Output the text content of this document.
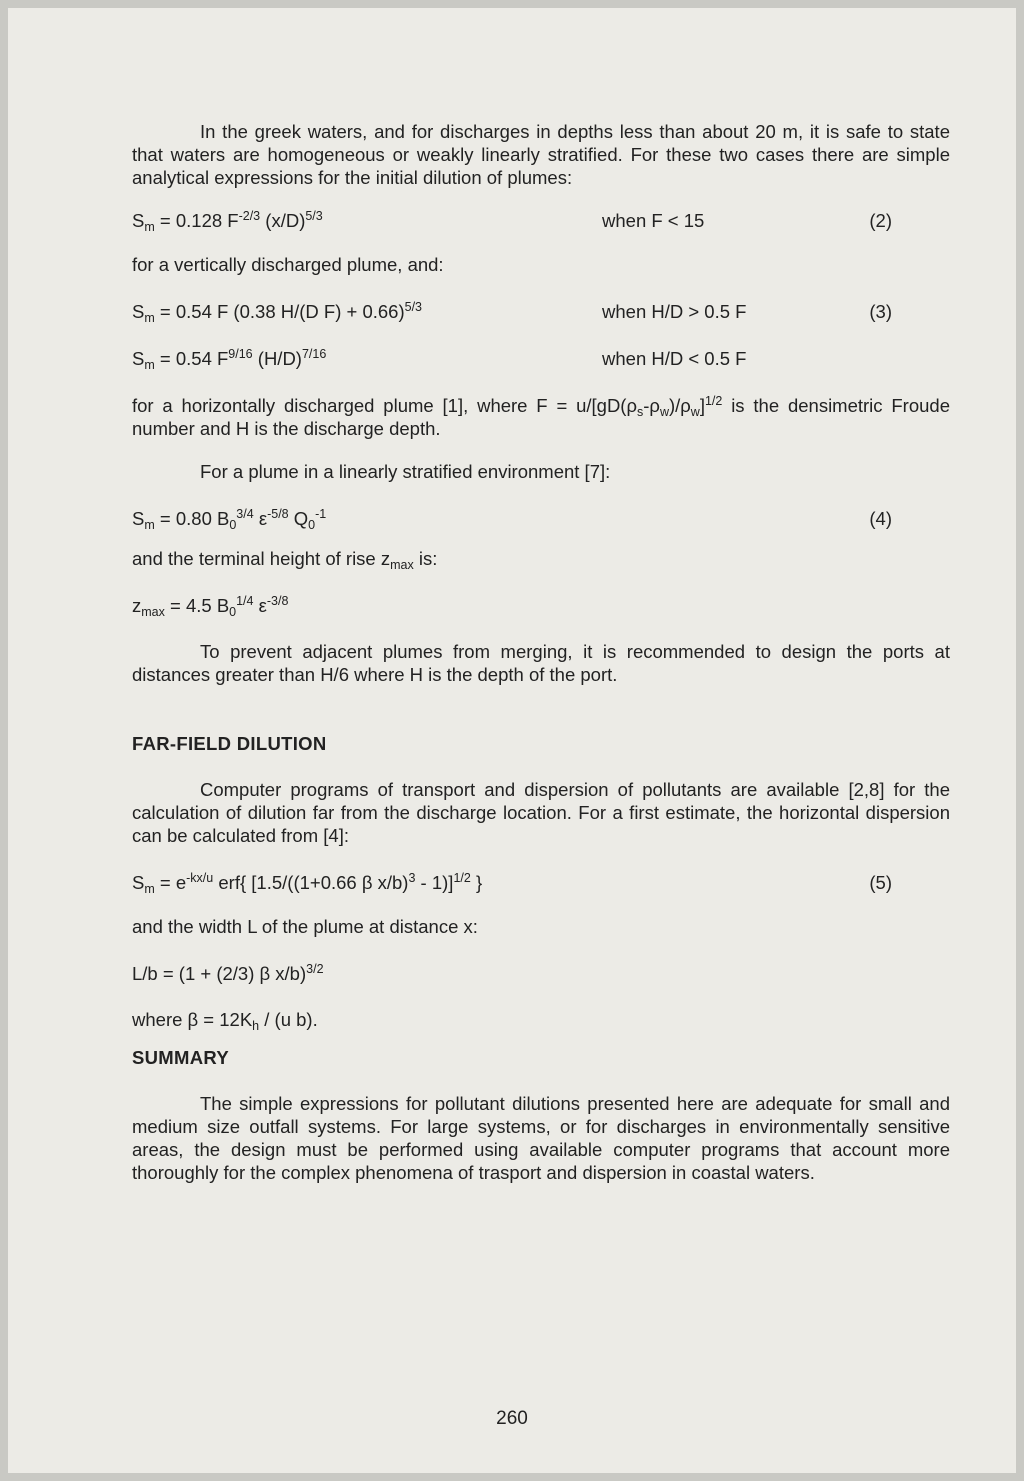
In the greek waters, and for discharges in depths less than about 20 m, it is safe to state that waters are homogeneous or weakly linearly stratified. For these two cases there are simple analytical expressions for the initial dilution of plumes:

$S_m = 0.128$ $F^{-2/3}$ $(x/D)^{5/3}$	when F < 15	(2)

for a vertically discharged plume, and:

$S_m = 0.54$ F (0.38 H/(D F) + 0.66)$^{5/3}$	when H/D > 0.5 F	(3)
$S_m = 0.54$ $F^{9/16}$ $(H/D)^{7/16}$	when H/D < 0.5 F

for a horizontally discharged plume [1], where $F = u/[gD(\rho_s-\rho_w)/\rho_w]^{1/2}$ is the densimetric Froude number and H is the discharge depth.

For a plume in a linearly stratified environment [7]:

$S_m = 0.80$ $B_0^{3/4}$ $\varepsilon^{-5/8}$ $Q_0^{-1}$	(4)

and the terminal height of rise $z_{max}$ is:

$z_{max} = 4.5$ $B_0^{1/4}$ $\varepsilon^{-3/8}$

To prevent adjacent plumes from merging, it is recommended to design the ports at distances greater than H/6 where H is the depth of the port.

FAR-FIELD DILUTION

Computer programs of transport and dispersion of pollutants are available [2,8] for the calculation of dilution far from the discharge location. For a first estimate, the horizontal dispersion can be calculated from [4]:

$S_m = e^{-kx/u}$ erf{ [1.5/((1+0.66 β x/b)$^3$ - 1)]$^{1/2}$ }	(5)

and the width L of the plume at distance x:

L/b = (1 + (2/3) β x/b)$^{3/2}$
where $\beta = 12K_h / (u$ b).
SUMMARY

The simple expressions for pollutant dilutions presented here are adequate for small and medium size outfall systems. For large systems, or for discharges in environmentally sensitive areas, the design must be performed using available computer programs that account more thoroughly for the complex phenomena of trasport and dispersion in coastal waters.

260
